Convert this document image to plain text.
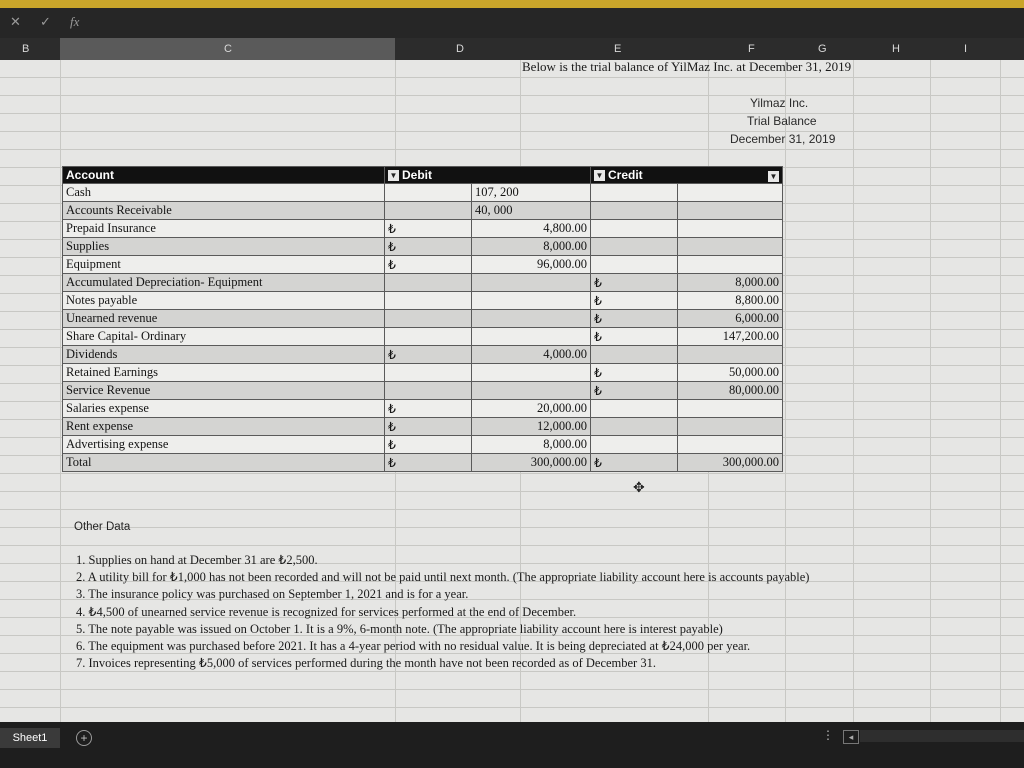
✕ ✓ fx
B	C	D	E	F	G	H	I
Below is the trial balance of YilMaz Inc. at December 31, 2019
Yilmaz Inc.
Trial Balance
December 31, 2019
Account	▼ Debit		▼ Credit ▼	

Cash		107, 200		
Accounts Receivable		40, 000		
Prepaid Insurance	₺	4,800.00		
Supplies	₺	8,000.00		
Equipment	₺	96,000.00		
Accumulated Depreciation- Equipment			₺	8,000.00
Notes payable			₺	8,800.00
Unearned revenue			₺	6,000.00
Share Capital- Ordinary			₺	147,200.00
Dividends	₺	4,000.00		
Retained Earnings			₺	50,000.00
Service Revenue			₺	80,000.00
Salaries expense	₺	20,000.00		
Rent expense	₺	12,000.00		
Advertising expense	₺	8,000.00		
Total	₺	300,000.00	₺	300,000.00
Other Data
1. Supplies on hand at December 31 are ₺2,500.
2. A utility bill for ₺1,000 has not been recorded and will not be paid until next month. (The appropriate liability account here is accounts payable)
3. The insurance policy was purchased on September 1, 2021 and is for a year.
4. ₺4,500 of unearned service revenue is recognized for services performed at the end of December.
5. The note payable was issued on October 1. It is a 9%, 6-month note. (The appropriate liability account here is interest payable)
6. The equipment was purchased before 2021. It has a 4-year period with no residual value. It is being depreciated at ₺24,000 per year.
7. Invoices representing ₺5,000 of services performed during the month have not been recorded as of December 31.
✥
Sheet1	+	⋮	◂
